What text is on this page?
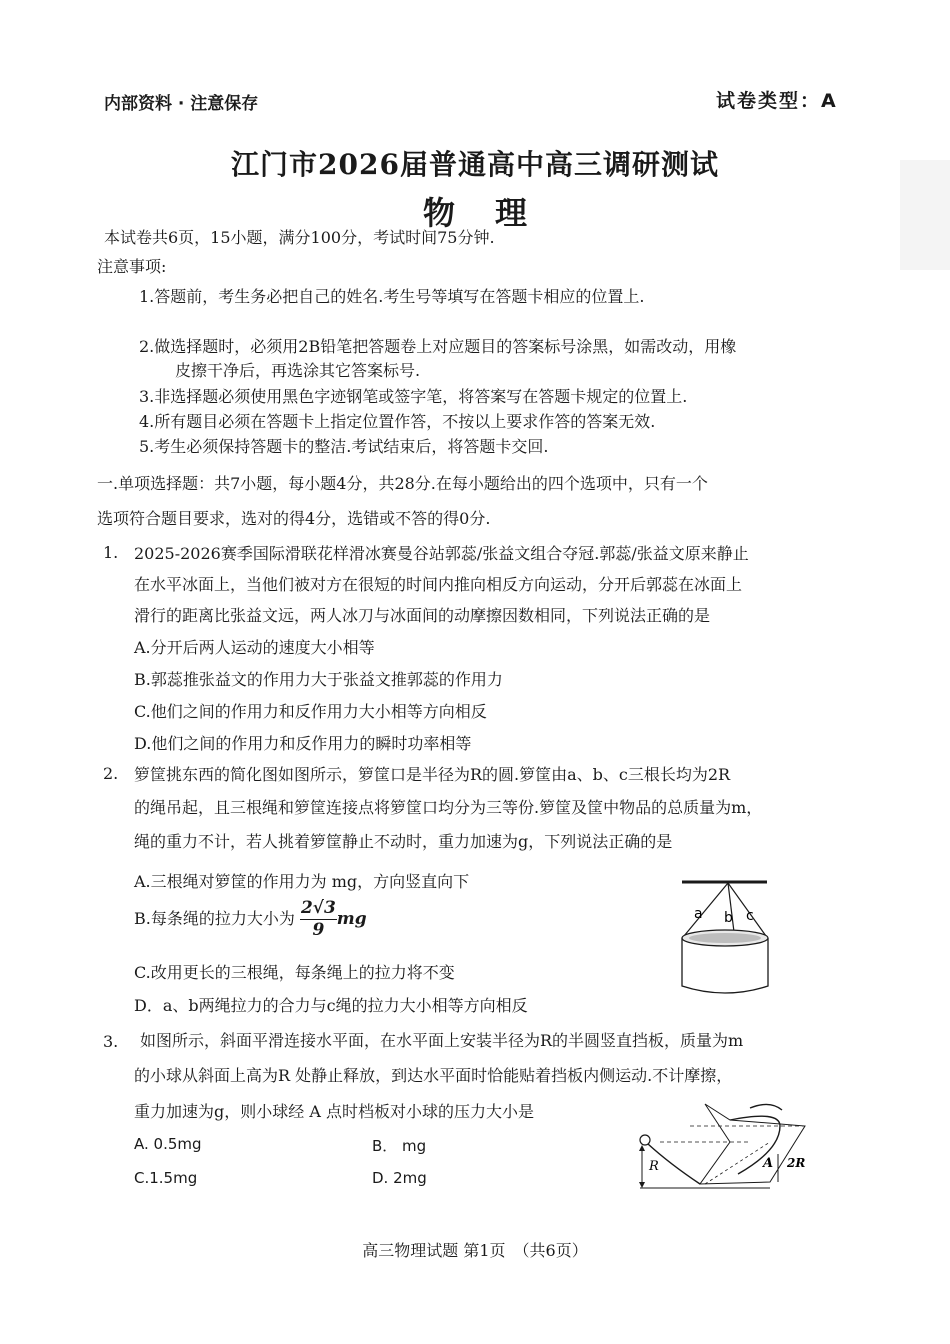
内部资料 · 注意保存	试卷类型：A
江门市2026届普通高中高三调研测试
物理
本试卷共6页，15小题，满分100分，考试时间75分钟.
注意事项:
1.答题前，考生务必把自己的姓名.考生号等填写在答题卡相应的位置上.
2.做选择题时，必须用2B铅笔把答题卷上对应题目的答案标号涂黑，如需改动，用橡
皮擦干净后，再选涂其它答案标号.
3.非选择题必须使用黑色字迹钢笔或签字笔，将答案写在答题卡规定的位置上.
4.所有题目必须在答题卡上指定位置作答，不按以上要求作答的答案无效.
5.考生必须保持答题卡的整洁.考试结束后，将答题卡交回.
一.单项选择题：共7小题，每小题4分，共28分.在每小题给出的四个选项中，只有一个
选项符合题目要求，选对的得4分，选错或不答的得0分.
1. 2025-2026赛季国际滑联花样滑冰赛曼谷站郭蕊/张益文组合夺冠.郭蕊/张益文原来静止
在水平冰面上，当他们被对方在很短的时间内推向相反方向运动，分开后郭蕊在冰面上
滑行的距离比张益文远，两人冰刀与冰面间的动摩擦因数相同，下列说法正确的是
A.分开后两人运动的速度大小相等
B.郭蕊推张益文的作用力大于张益文推郭蕊的作用力
C.他们之间的作用力和反作用力大小相等方向相反
D.他们之间的作用力和反作用力的瞬时功率相等
2. 箩筐挑东西的简化图如图所示，箩筐口是半径为R的圆.箩筐由a、b、c三根长均为2R
的绳吊起，且三根绳和箩筐连接点将箩筐口均分为三等份.箩筐及筐中物品的总质量为m，
绳的重力不计，若人挑着箩筐静止不动时，重力加速为g，下列说法正确的是
A.三根绳对箩筐的作用力为 mg，方向竖直向下
B.每条绳的拉力大小为 $\frac{2√3}{9}$ mg
C.改用更长的三根绳，每条绳上的拉力将不变
D．a、b两绳拉力的合力与c绳的拉力大小相等方向相反
a b c
3. 如图所示，斜面平滑连接水平面，在水平面上安装半径为R的半圆竖直挡板，质量为m
的小球从斜面上高为R 处静止释放，到达水平面时恰能贴着挡板内侧运动.不计摩擦，
重力加速为g，则小球经 A 点时档板对小球的压力大小是
A. 0.5mg	B． mg
C.1.5mg	D. 2mg
R	A 2R
高三物理试题 第1页　（共6页）
